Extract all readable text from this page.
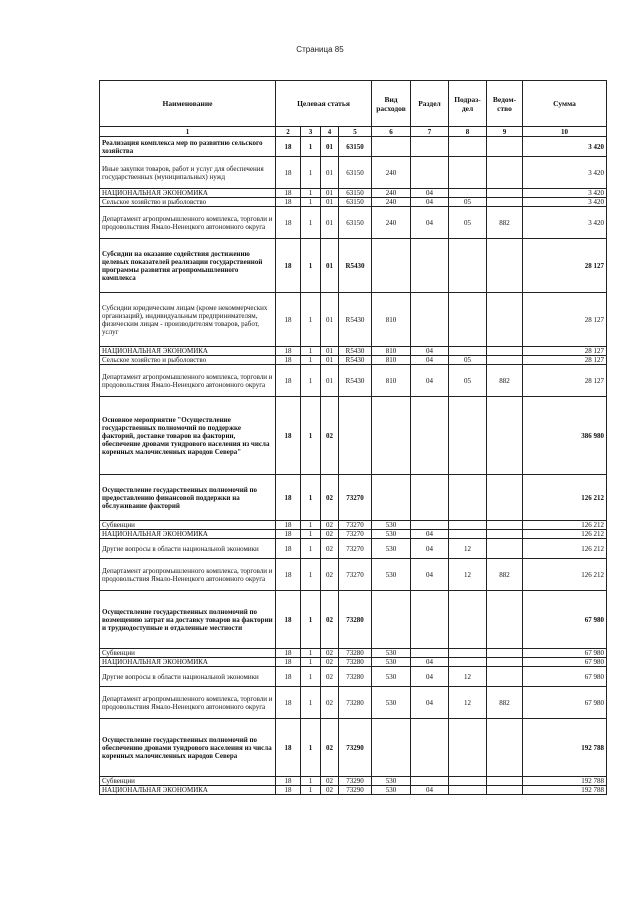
Страница 85
Наименование	Целевая статья				Вид расходов	Раздел	Подраз-дел	Ведом-ство	Сумма
1	2	3	4	5	6	7	8	9	10
Реализация комплекса мер по развитию сельского хозяйства	18	1	01	63150					3 420
Иные закупки товаров, работ и услуг для обеспечения государственных (муниципальных) нужд	18	1	01	63150	240				3 420
НАЦИОНАЛЬНАЯ ЭКОНОМИКА	18	1	01	63150	240	04			3 420
Сельское хозяйство и рыболовство	18	1	01	63150	240	04	05		3 420
Департамент агропромышленного комплекса, торговли и продовольствия Ямало-Ненецкого автономного округа	18	1	01	63150	240	04	05	882	3 420
Субсидии на оказание содействия достижению целевых показателей реализации государственной программы развития агропромышленного комплекса	18	1	01	R5430					28 127
Субсидии юридическим лицам (кроме некоммерческих организаций), индивидуальным предпринимателям, физическим лицам - производителям товаров, работ, услуг	18	1	01	R5430	810				28 127
НАЦИОНАЛЬНАЯ ЭКОНОМИКА	18	1	01	R5430	810	04			28 127
Сельское хозяйство и рыболовство	18	1	01	R5430	810	04	05		28 127
Департамент агропромышленного комплекса, торговли и продовольствия Ямало-Ненецкого автономного округа	18	1	01	R5430	810	04	05	882	28 127
Основное мероприятие "Осуществление государственных полномочий по поддержке факторий, доставке товаров на фактории, обеспечение дровами тундрового населения из числа коренных малочисленных народов Севера"	18	1	02						386 980
Осуществление государственных полномочий по предоставлению финансовой поддержки на обслуживание факторий	18	1	02	73270					126 212
Субвенции	18	1	02	73270	530				126 212
НАЦИОНАЛЬНАЯ ЭКОНОМИКА	18	1	02	73270	530	04			126 212
Другие вопросы в области национальной экономики	18	1	02	73270	530	04	12		126 212
Департамент агропромышленного комплекса, торговли и продовольствия Ямало-Ненецкого автономного округа	18	1	02	73270	530	04	12	882	126 212
Осуществление государственных полномочий по возмещению затрат на доставку товаров на фактории и труднодоступные и отдаленные местности	18	1	02	73280					67 980
Субвенции	18	1	02	73280	530				67 980
НАЦИОНАЛЬНАЯ ЭКОНОМИКА	18	1	02	73280	530	04			67 980
Другие вопросы в области национальной экономики	18	1	02	73280	530	04	12		67 980
Департамент агропромышленного комплекса, торговли и продовольствия Ямало-Ненецкого автономного округа	18	1	02	73280	530	04	12	882	67 980
Осуществление государственных полномочий по обеспечению дровами тундрового населения из числа коренных малочисленных народов Севера	18	1	02	73290					192 788
Субвенции	18	1	02	73290	530				192 788
НАЦИОНАЛЬНАЯ ЭКОНОМИКА	18	1	02	73290	530	04			192 788
